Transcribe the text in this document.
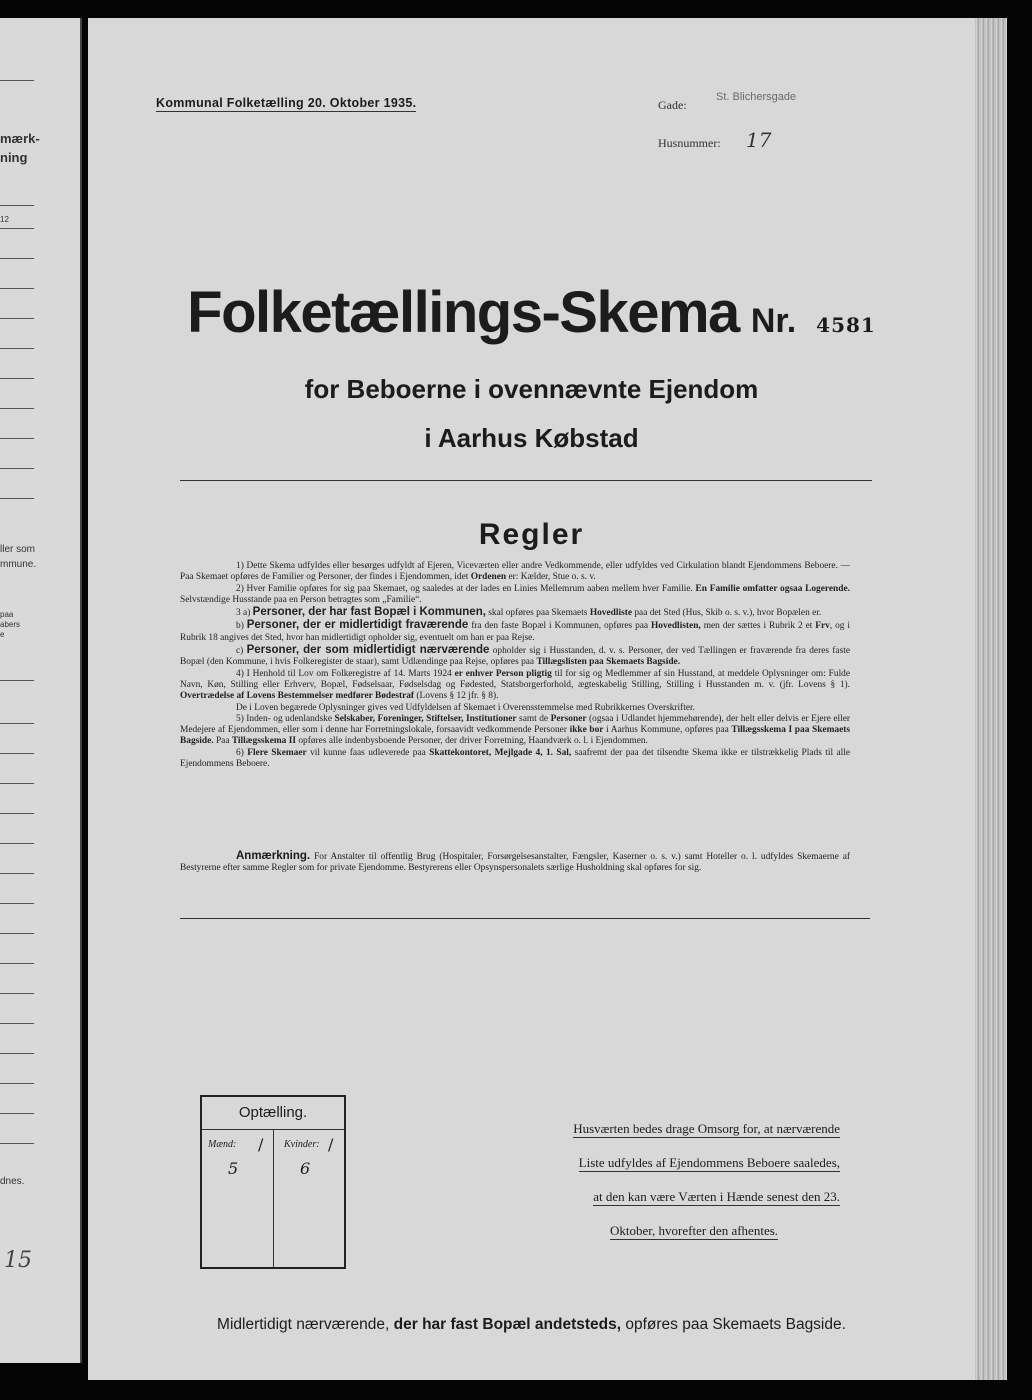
mærk-
ning
12
ller som
mmune.
paa
abers
e
dnes.
15
Kommunal Folketælling 20. Oktober 1935.	Gade:
St. Blichersgade
Husnummer: 17
Folketællings-Skema Nr. 4581
for Beboerne i ovennævnte Ejendom
i Aarhus Købstad
Regler

1) Dette Skema udfyldes eller besørges udfyldt af Ejeren, Viceværten eller andre Vedkommende, eller udfyldes ved Cirkulation blandt Ejendommens Beboere. — Paa Skemaet opføres de Familier og Personer, der findes i Ejendommen, idet Ordenen er: Kælder, Stue o. s. v.

2) Hver Familie opføres for sig paa Skemaet, og saaledes at der lades en Linies Mellemrum aaben mellem hver Familie. En Familie omfatter ogsaa Logerende. Selvstændige Husstande paa en Person betragtes som „Familie“.

3 a) Personer, der har fast Bopæl i Kommunen, skal opføres paa Skemaets Hovedliste paa det Sted (Hus, Skib o. s. v.), hvor Bopælen er.

b) Personer, der er midlertidigt fraværende fra den faste Bopæl i Kommunen, opføres paa Hovedlisten, men der sættes i Rubrik 2 et Frv, og i Rubrik 18 angives det Sted, hvor han midlertidigt opholder sig, eventuelt om han er paa Rejse.

c) Personer, der som midlertidigt nærværende opholder sig i Husstanden, d. v. s. Personer, der ved Tællingen er fraværende fra deres faste Bopæl (den Kommune, i hvis Folkeregister de staar), samt Udlændinge paa Rejse, opføres paa Tillægslisten paa Skemaets Bagside.

4) I Henhold til Lov om Folkeregistre af 14. Marts 1924 er enhver Person pligtig til for sig og Medlemmer af sin Husstand, at meddele Oplysninger om: Fulde Navn, Køn, Stilling eller Erhverv, Bopæl, Fødselsaar, Fødselsdag og Fødested, Statsborgerforhold, ægteskabelig Stilling, Stilling i Husstanden m. v. (jfr. Lovens § 1). Overtrædelse af Lovens Bestemmelser medfører Bødestraf (Lovens § 12 jfr. § 8).

De i Loven begærede Oplysninger gives ved Udfyldelsen af Skemaet i Overensstemmelse med Rubrikkernes Overskrifter.

5) Inden- og udenlandske Selskaber, Foreninger, Stiftelser, Institutioner samt de Personer (ogsaa i Udlandet hjemmehørende), der helt eller delvis er Ejere eller Medejere af Ejendommen, eller som i denne har Forretningslokale, forsaavidt vedkommende Personer ikke bor i Aarhus Kommune, opføres paa Tillægsskema I paa Skemaets Bagside. Paa Tillægsskema II opføres alle indenbysboende Personer, der driver Forretning, Haandværk o. l. i Ejendommen.

6) Flere Skemaer vil kunne faas udleverede paa Skattekontoret, Mejlgade 4, 1. Sal, saafremt der paa det tilsendte Skema ikke er tilstrækkelig Plads til alle Ejendommens Beboere.

Anmærkning. For Anstalter til offentlig Brug (Hospitaler, Forsørgelsesanstalter, Fængsler, Kaserner o. s. v.) samt Hoteller o. l. udfyldes Skemaerne af Bestyrerne efter samme Regler som for private Ejendomme. Bestyrerens eller Opsynspersonalets særlige Husholdning skal opføres for sig.

Optælling.
Mænd: /
5
Kvinder: /
6
Husværten bedes drage Omsorg for, at nærværende
Liste udfyldes af Ejendommens Beboere saaledes,
at den kan være Værten i Hænde senest den 23.
Oktober, hvorefter den afhentes.
Midlertidigt nærværende, der har fast Bopæl andetsteds, opføres paa Skemaets Bagside.
